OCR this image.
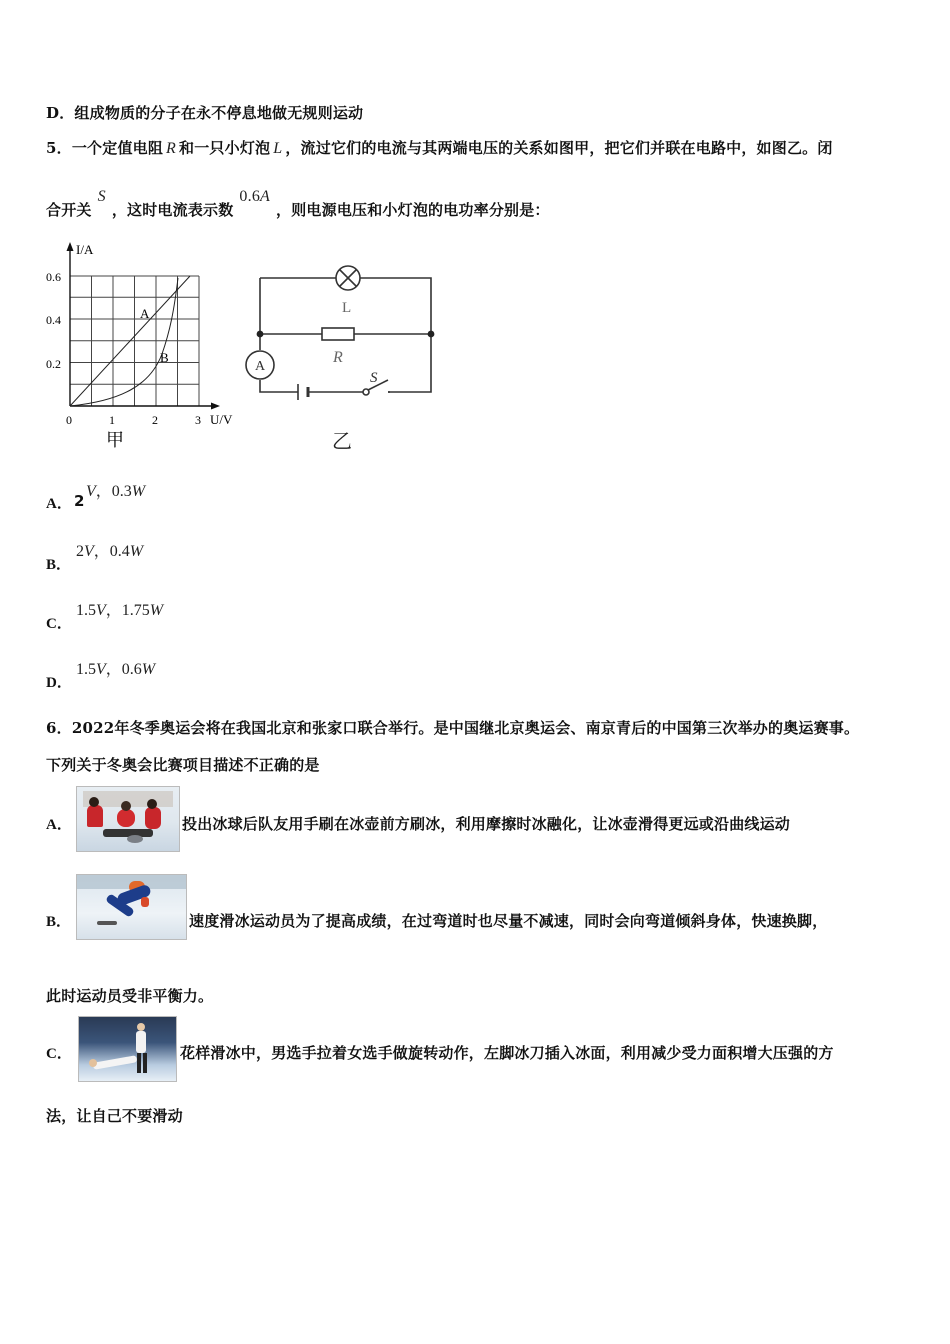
D．组成物质的分子在永不停息地做无规则运动
5．一个定值电阻 R 和一只小灯泡 L ，流过它们的电流与其两端电压的关系如图甲，把它们并联在电路中，如图乙。闭
合开关S，这时电流表示数0.6A，则电源电压和小灯泡的电功率分别是：
I/A
U/V
0.6
0.4
0.2
0	1	2	3
A
B
甲
L
R
A
S
乙
A． 2
V，0.3W
B．
2V，0.4W
C．
1.5V，1.75W
D．
1.5V，0.6W
6．2022年冬季奥运会将在我国北京和张家口联合举行。是中国继北京奥运会、南京青后的中国第三次举办的奥运赛事。
下列关于冬奥会比赛项目描述不正确的是
A．	投出冰球后队友用手刷在冰壶前方刷冰，利用摩擦时冰融化，让冰壶滑得更远或沿曲线运动
B．	速度滑冰运动员为了提高成绩，在过弯道时也尽量不减速，同时会向弯道倾斜身体，快速换脚，
此时运动员受非平衡力。
C．	花样滑冰中，男选手拉着女选手做旋转动作，左脚冰刀插入冰面，利用减少受力面积增大压强的方
法，让自己不要滑动
